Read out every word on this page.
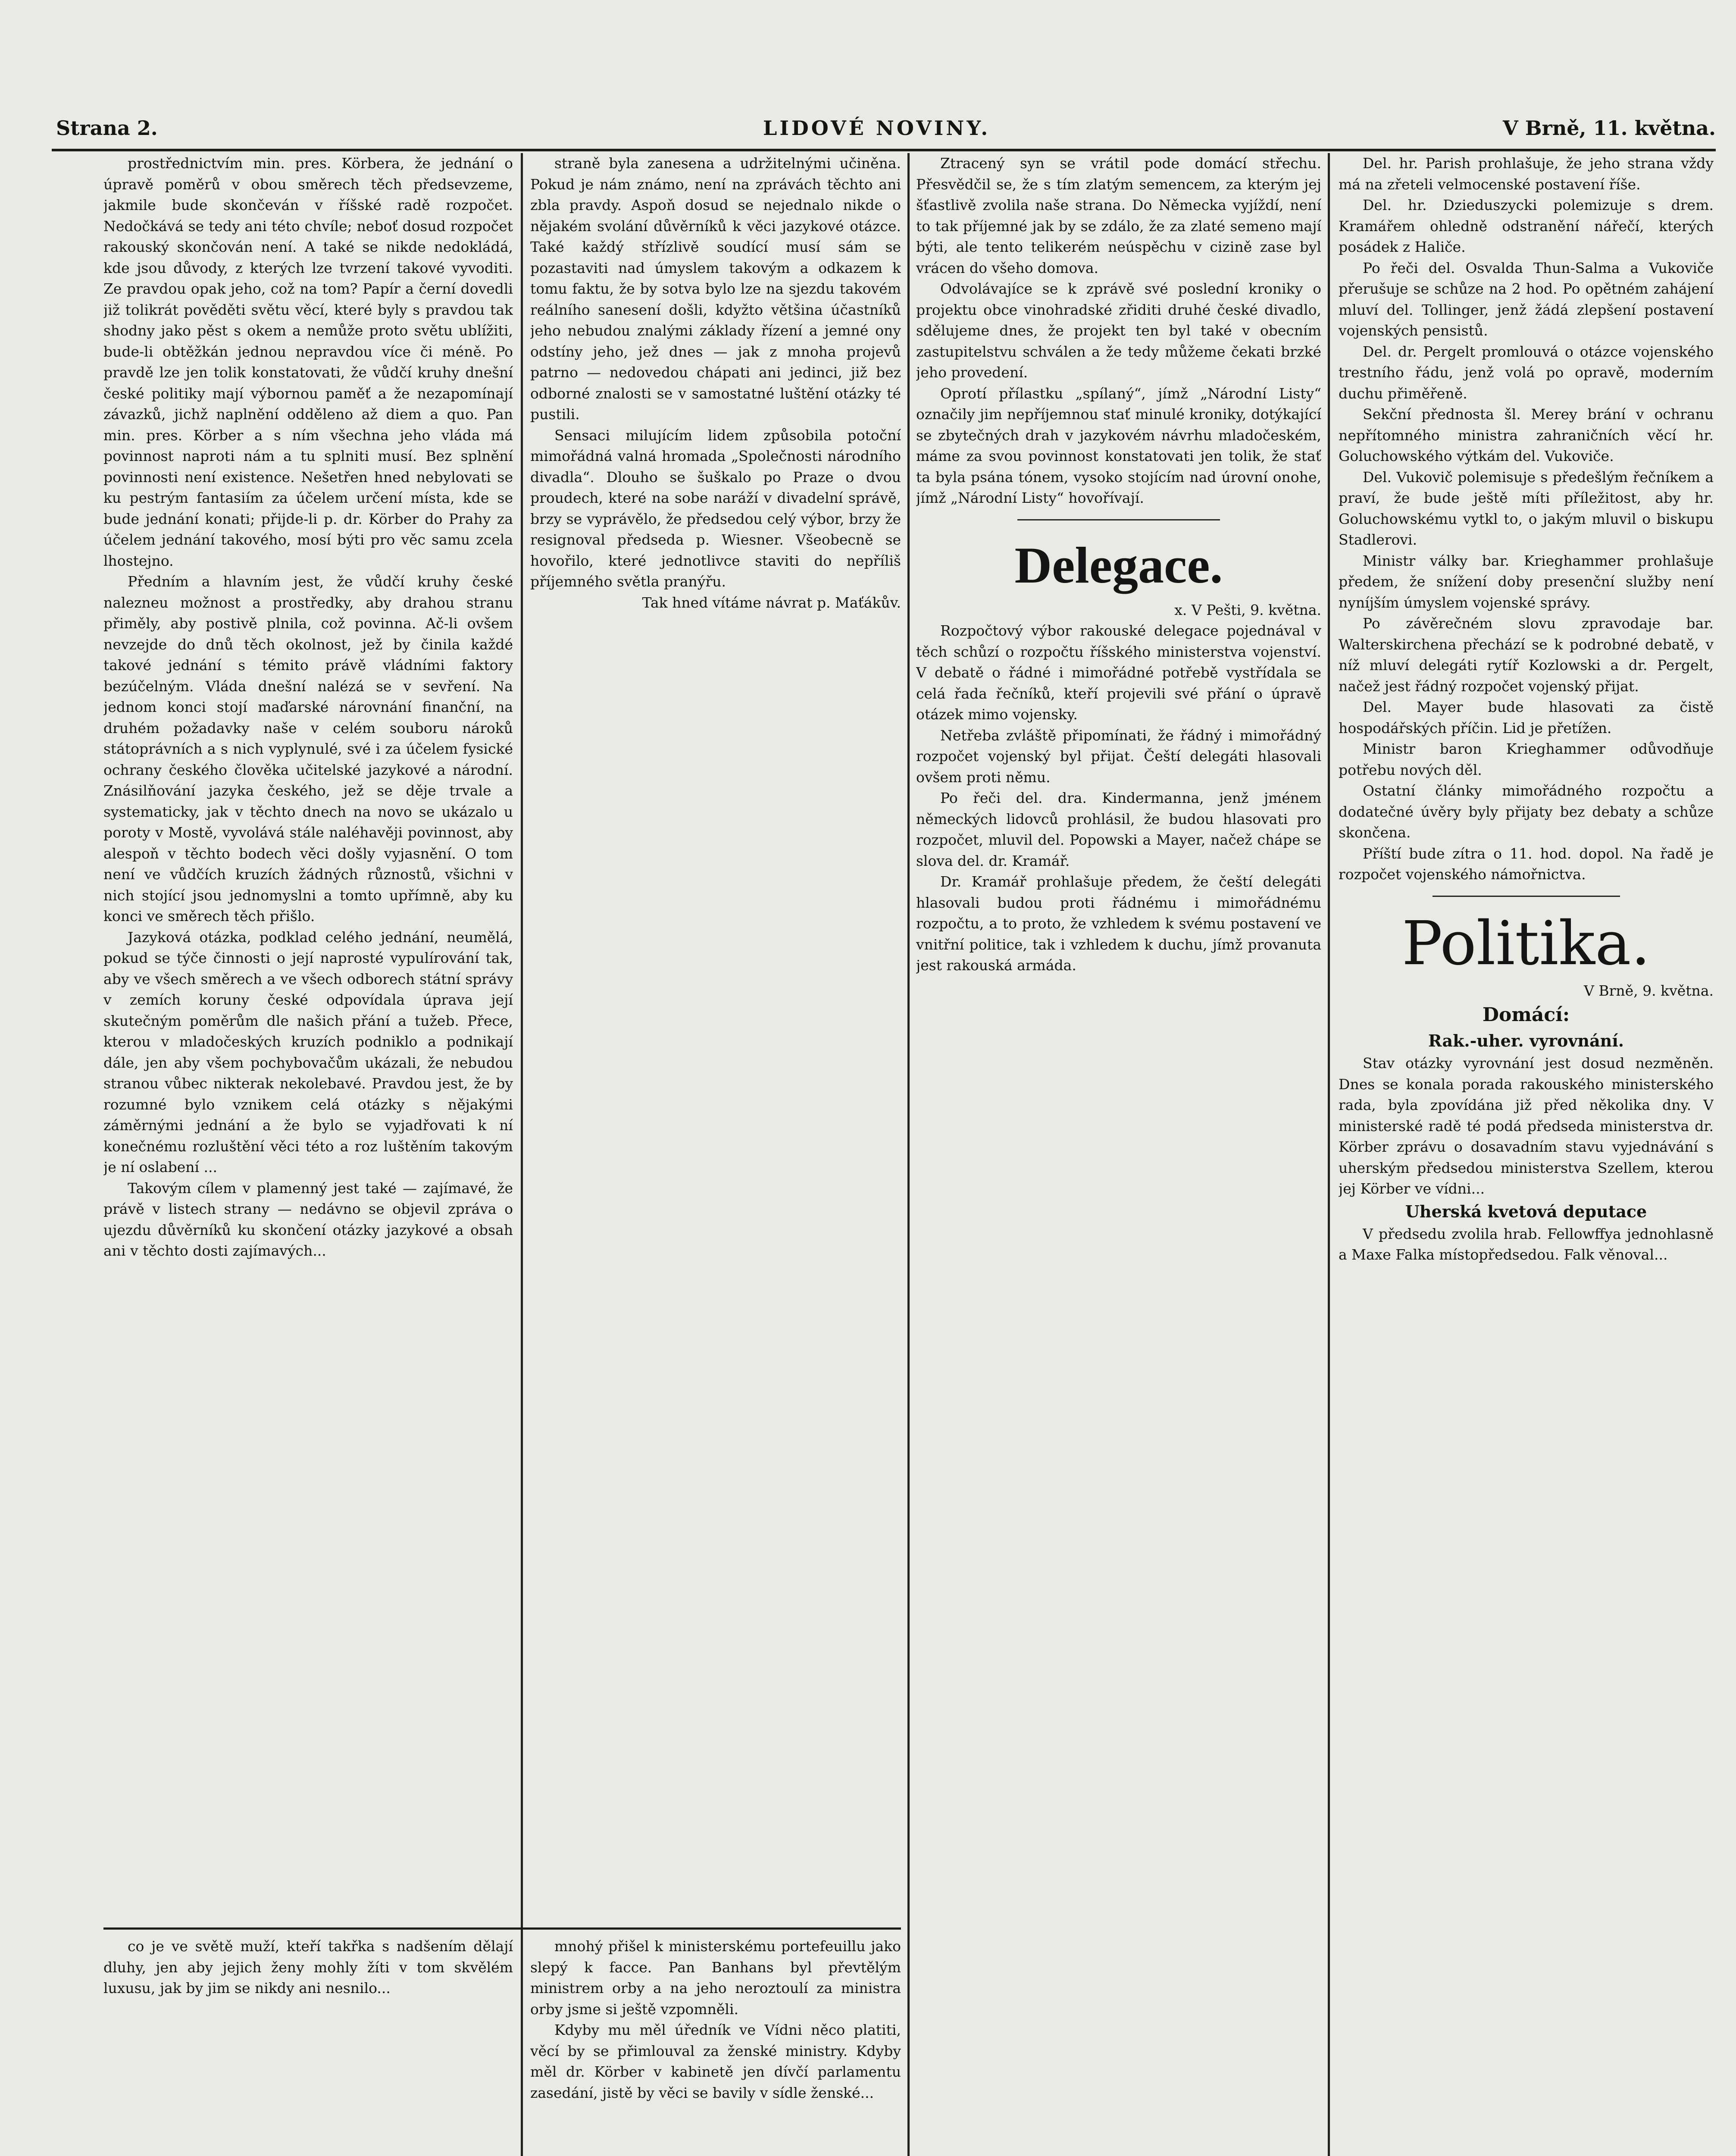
Strana 2.	LIDOVÉ NOVINY.	V Brně, 11. května.

prostřednictvím min. pres. Körbera, že jednání o úpravě poměrů v obou směrech těch předsevzeme, jakmile bude skončeván v říšské radě rozpočet. Nedočkává se tedy ani této chvíle; neboť dosud rozpočet rakouský skončován není. A také se nikde nedokládá, kde jsou důvody, z kterých lze tvrzení takové vyvoditi. Ze pravdou opak jeho, což na tom? Papír a černí dovedli již tolikrát pověděti světu věcí, které byly s pravdou tak shodny jako pěst s okem a nemůže proto světu ublížiti, bude-li obtěžkán jednou nepravdou více či méně. Po pravdě lze jen tolik konstatovati, že vůdčí kruhy dnešní české politiky mají výbornou paměť a že nezapomínají závazků, jichž naplnění odděleno až diem a quo. Pan min. pres. Körber a s ním všechna jeho vláda má povinnost naproti nám a tu splniti musí. Bez splnění povinnosti není existence. Nešetřen hned nebylovati se ku pestrým fantasiím za účelem určení místa, kde se bude jednání konati; přijde-li p. dr. Körber do Prahy za účelem jednání takového, mosí býti pro věc samu zcela lhostejno.

Předním a hlavním jest, že vůdčí kruhy české nalezneu možnost a prostředky, aby drahou stranu přiměly, aby postivě plnila, což povinna. Ač-li ovšem nevzejde do dnů těch okolnost, jež by činila každé takové jednání s témito právě vládními faktory bezúčelným. Vláda dnešní nalézá se v sevření. Na jednom konci stojí maďarské nárovnání finanční, na druhém požadavky naše v celém souboru nároků státoprávních a s nich vyplynulé, své i za účelem fysické ochrany českého člověka učitelské jazykové a národní. Znásilňování jazyka českého, jež se děje trvale a systematicky, jak v těchto dnech na novo se ukázalo u poroty v Mostě, vyvolává stále naléhavěji povinnost, aby alespoň v těchto bodech věci došly vyjasnění. O tom není ve vůdčích kruzích žádných různostů, všichni v nich stojící jsou jednomyslni a tomto upřímně, aby ku konci ve směrech těch přišlo.

Jazyková otázka, podklad celého jednání, neumělá, pokud se týče činnosti o její naprosté vypulírování tak, aby ve všech směrech a ve všech odborech státní správy v zemích koruny české odpovídala úprava její skutečným poměrům dle našich přání a tužeb. Přece, kterou v mladočeských kruzích podniklo a podnikají dále, jen aby všem pochybovačům ukázali, že nebudou stranou vůbec nikterak nekolebavé. Pravdou jest, že by rozumné bylo vznikem celá otázky s nějakými záměrnými jednání a že bylo se vyjadřovati k ní konečnému rozluštění věci této a roz luštěním takovým je ní oslabení ...

Takovým cílem v plamenný jest také — zajímavé, že právě v listech strany — nedávno se objevil zpráva o ujezdu důvěrníků ku skončení otázky jazykové a obsah ani v těchto dosti zajímavých...

straně byla zanesena a udržitelnými učiněna. Pokud je nám známo, není na zprávách těchto ani zbla pravdy. Aspoň dosud se nejednalo nikde o nějakém svolání důvěrníků k věci jazykové otázce. Také každý střízlivě soudící musí sám se pozastaviti nad úmyslem takovým a odkazem k tomu faktu, že by sotva bylo lze na sjezdu takovém reálního sanesení došli, kdyžto většina účastníků jeho nebudou znalými základy řízení a jemné ony odstíny jeho, jež dnes — jak z mnoha projevů patrno — nedovedou chápati ani jedinci, již bez odborné znalosti se v samostatné luštění otázky té pustili.

Sensaci milujícím lidem způsobila potoční mimořádná valná hromada „Společnosti národního divadla“. Dlouho se šuškalo po Praze o dvou proudech, které na sobe naráží v divadelní správě, brzy se vyprávělo, že předsedou celý výbor, brzy že resignoval předseda p. Wiesner. Všeobecně se hovořilo, které jednotlivce staviti do nepříliš příjemného světla pranýřu.

Tak hned vítáme návrat p. Maťákův.

Ztracený syn se vrátil pode domácí střechu. Přesvědčil se, že s tím zlatým semencem, za kterým jej šťastlivě zvolila naše strana. Do Německa vyjíždí, není to tak příjemné jak by se zdálo, že za zlaté semeno mají býti, ale tento telikerém neúspěchu v cizině zase byl vrácen do všeho domova.

Odvolávajíce se k zprávě své poslední kroniky o projektu obce vinohradské zřiditi druhé české divadlo, sdělujeme dnes, že projekt ten byl také v obecním zastupitelstvu schválen a že tedy můžeme čekati brzké jeho provedení.

Oprotí přílastku „spílaný“, jímž „Národní Listy“ označily jim nepříjemnou stať minulé kroniky, dotýkající se zbytečných drah v jazykovém návrhu mladočeském, máme za svou povinnost konstatovati jen tolik, že stať ta byla psána tónem, vysoko stojícím nad úrovní onohe, jímž „Národní Listy“ hovořívají.

Delegace.
x. V Pešti, 9. května.

Rozpočtový výbor rakouské delegace pojednával v těch schůzí o rozpočtu říšského ministerstva vojenství. V debatě o řádné i mimořádné potřebě vystřídala se celá řada řečníků, kteří projevili své přání o úpravě otázek mimo vojensky.

Netřeba zvláště připomínati, že řádný i mimořádný rozpočet vojenský byl přijat. Čeští delegáti hlasovali ovšem proti němu.

Po řeči del. dra. Kindermanna, jenž jménem německých lidovců prohlásil, že budou hlasovati pro rozpočet, mluvil del. Popowski a Mayer, načež chápe se slova del. dr. Kramář.

Dr. Kramář prohlašuje předem, že čeští delegáti hlasovali budou proti řádnému i mimořádnému rozpočtu, a to proto, že vzhledem k svému postavení ve vnitřní politice, tak i vzhledem k duchu, jímž provanuta jest rakouská armáda.

Del. hr. Parish prohlašuje, že jeho strana vždy má na zřeteli velmocenské postavení říše.

Del. hr. Dzieduszycki polemizuje s drem. Kramářem ohledně odstranění nářečí, kterých posádek z Haliče.

Po řeči del. Osvalda Thun-Salma a Vukoviče přerušuje se schůze na 2 hod. Po opětném zahájení mluví del. Tollinger, jenž žádá zlepšení postavení vojenských pensistů.

Del. dr. Pergelt promlouvá o otázce vojenského trestního řádu, jenž volá po opravě, moderním duchu přiměřeně.

Sekční přednosta šl. Merey brání v ochranu nepřítomného ministra zahraničních věcí hr. Goluchowského výtkám del. Vukoviče.

Del. Vukovič polemisuje s předešlým řečníkem a praví, že bude ještě míti příležitost, aby hr. Goluchowskému vytkl to, o jakým mluvil o biskupu Stadlerovi.

Ministr války bar. Krieghammer prohlašuje předem, že snížení doby presenční služby není nyníjším úmyslem vojenské správy.

Po závěrečném slovu zpravodaje bar. Walterskirchena přechází se k podrobné debatě, v níž mluví delegáti rytíř Kozlowski a dr. Pergelt, načež jest řádný rozpočet vojenský přijat.

Del. Mayer bude hlasovati za čistě hospodářských příčin. Lid je přetížen.

Ministr baron Krieghammer odůvodňuje potřebu nových děl.

Ostatní články mimořádného rozpočtu a dodatečné úvěry byly přijaty bez debaty a schůze skončena.

Příští bude zítra o 11. hod. dopol. Na řadě je rozpočet vojenského námořnictva.

Politika.
V Brně, 9. května.
Domácí:
Rak.-uher. vyrovnání.

Stav otázky vyrovnání jest dosud nezměněn. Dnes se konala porada rakouského ministerského rada, byla zpovídána již před několika dny. V ministerské radě té podá předseda ministerstva dr. Körber zprávu o dosavadním stavu vyjednávání s uherským předsedou ministerstva Szellem, kterou jej Körber ve vídni...

Uherská kvetová deputace

V předsedu zvolila hrab. Fellowffya jednohlasně a Maxe Falka místopředsedou. Falk věnoval...

co je ve světě muží, kteří takřka s nadšením dělají dluhy, jen aby jejich ženy mohly žíti v tom skvělém luxusu, jak by jim se nikdy ani nesnilo...

mnohý přišel k ministerskému portefeuillu jako slepý k facce. Pan Banhans byl převtělým ministrem orby a na jeho neroztoulí za ministra orby jsme si ještě vzpomněli.

Kdyby mu měl úředník ve Vídni něco platiti, věcí by se přimlouval za ženské ministry. Kdyby měl dr. Körber v kabinetě jen dívčí parlamentu zasedání, jistě by věci se bavily v sídle ženské...
